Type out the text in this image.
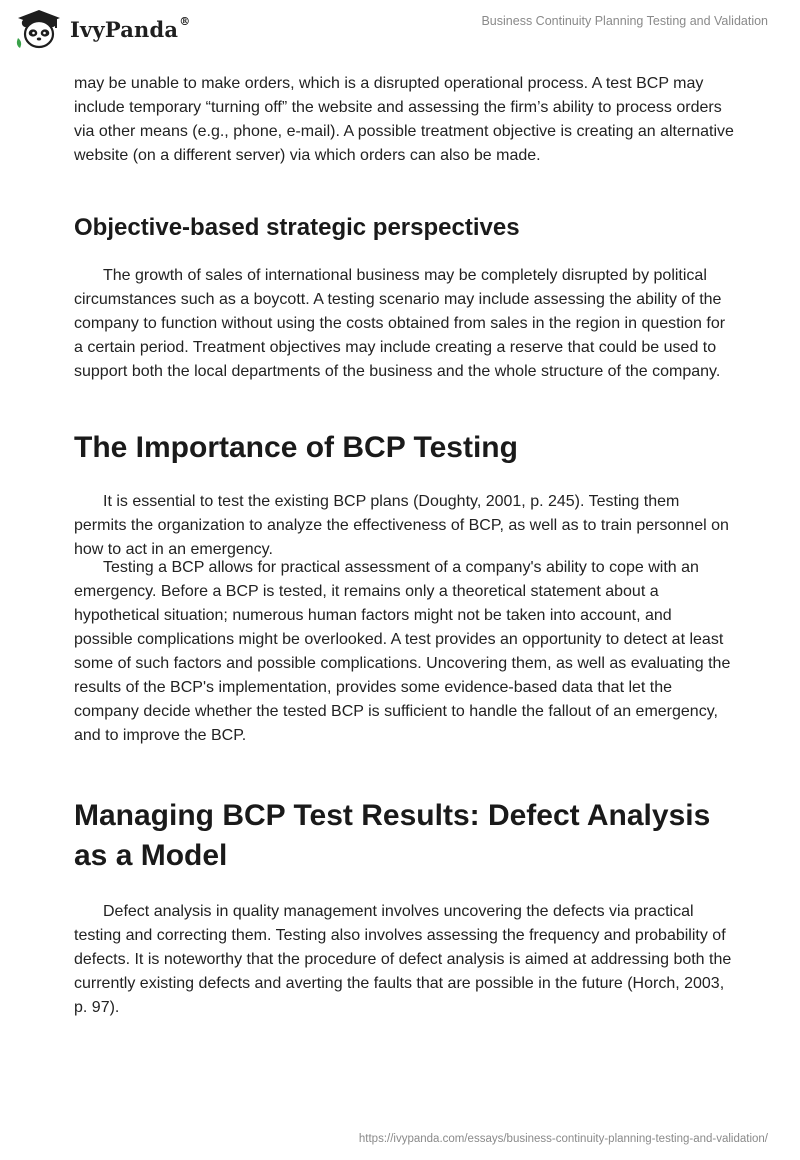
IvyPanda®	Business Continuity Planning Testing and Validation

may be unable to make orders, which is a disrupted operational process. A test BCP may include temporary “turning off” the website and assessing the firm’s ability to process orders via other means (e.g., phone, e-mail). A possible treatment objective is creating an alternative website (on a different server) via which orders can also be made.

Objective-based strategic perspectives

The growth of sales of international business may be completely disrupted by political circumstances such as a boycott. A testing scenario may include assessing the ability of the company to function without using the costs obtained from sales in the region in question for a certain period. Treatment objectives may include creating a reserve that could be used to support both the local departments of the business and the whole structure of the company.

The Importance of BCP Testing

It is essential to test the existing BCP plans (Doughty, 2001, p. 245). Testing them permits the organization to analyze the effectiveness of BCP, as well as to train personnel on how to act in an emergency.

Testing a BCP allows for practical assessment of a company's ability to cope with an emergency. Before a BCP is tested, it remains only a theoretical statement about a hypothetical situation; numerous human factors might not be taken into account, and possible complications might be overlooked. A test provides an opportunity to detect at least some of such factors and possible complications. Uncovering them, as well as evaluating the results of the BCP's implementation, provides some evidence-based data that let the company decide whether the tested BCP is sufficient to handle the fallout of an emergency, and to improve the BCP.

Managing BCP Test Results: Defect Analysis as a Model

Defect analysis in quality management involves uncovering the defects via practical testing and correcting them. Testing also involves assessing the frequency and probability of defects. It is noteworthy that the procedure of defect analysis is aimed at addressing both the currently existing defects and averting the faults that are possible in the future (Horch, 2003, p. 97).

https://ivypanda.com/essays/business-continuity-planning-testing-and-validation/
